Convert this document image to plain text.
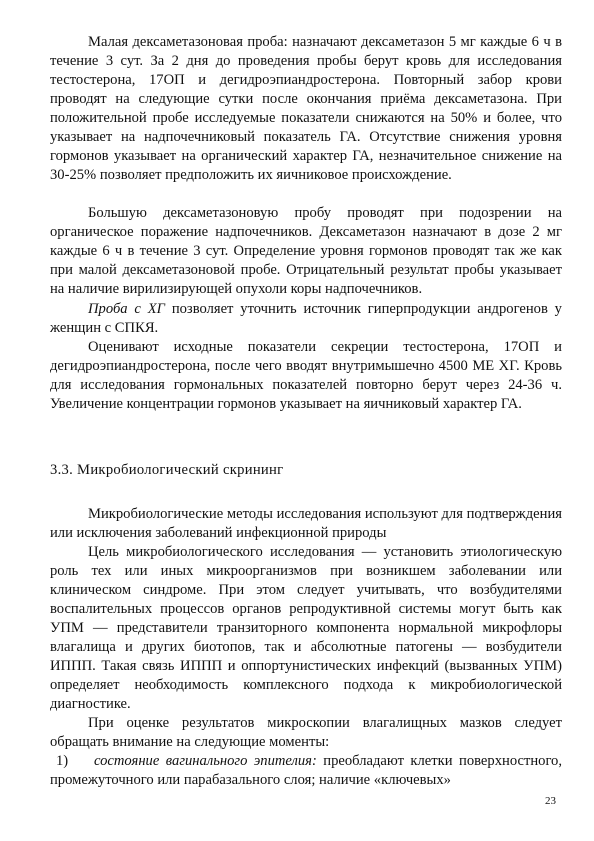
Малая дексаметазоновая проба: назначают дексаметазон 5 мг каждые 6 ч в течение 3 сут. За 2 дня до проведения пробы берут кровь для исследования тестостерона, 17ОП и дегидроэпиандростерона. Повторный забор крови проводят на следующие сутки после окончания приёма дексаметазона. При положительной пробе исследуемые показатели снижаются на 50% и более, что указывает на надпочечниковый показатель ГА. Отсутствие снижения уровня гормонов указывает на органический характер ГА, незначительное снижение на 30-25% позволяет предположить их яичниковое происхождение.

Большую дексаметазоновую пробу проводят при подозрении на органическое поражение надпочечников. Дексаметазон назначают в дозе 2 мг каждые 6 ч в течение 3 сут. Определение уровня гормонов проводят так же как при малой дексаметазоновой пробе. Отрицательный результат пробы указывает на наличие вирилизирующей опухоли коры надпочечников.

Проба с ХГ позволяет уточнить источник гиперпродукции андрогенов у женщин с СПКЯ.

Оценивают исходные показатели секреции тестостерона, 17ОП и дегидроэпиандростерона, после чего вводят внутримышечно 4500 МЕ ХГ. Кровь для исследования гормональных показателей повторно берут через 24-36 ч. Увеличение концентрации гормонов указывает на яичниковый характер ГА.

3.3. Микробиологический скрининг

Микробиологические методы исследования используют для подтверждения или исключения заболеваний инфекционной природы

Цель микробиологического исследования — установить этиологическую роль тех или иных микроорганизмов при возникшем заболевании или клиническом синдроме. При этом следует учитывать, что возбудителями воспалительных процессов органов репродуктивной системы могут быть как УПМ — представители транзиторного компонента нормальной микрофлоры влагалища и других биотопов, так и абсолютные патогены — возбудители ИППП. Такая связь ИППП и оппортунистических инфекций (вызванных УПМ) определяет необходимость комплексного подхода к микробиологической диагностике.

При оценке результатов микроскопии влагалищных мазков следует обращать внимание на следующие моменты:

1) состояние вагинального эпителия: преобладают клетки поверхностного, промежуточного или парабазального слоя; наличие «ключевых»

23
